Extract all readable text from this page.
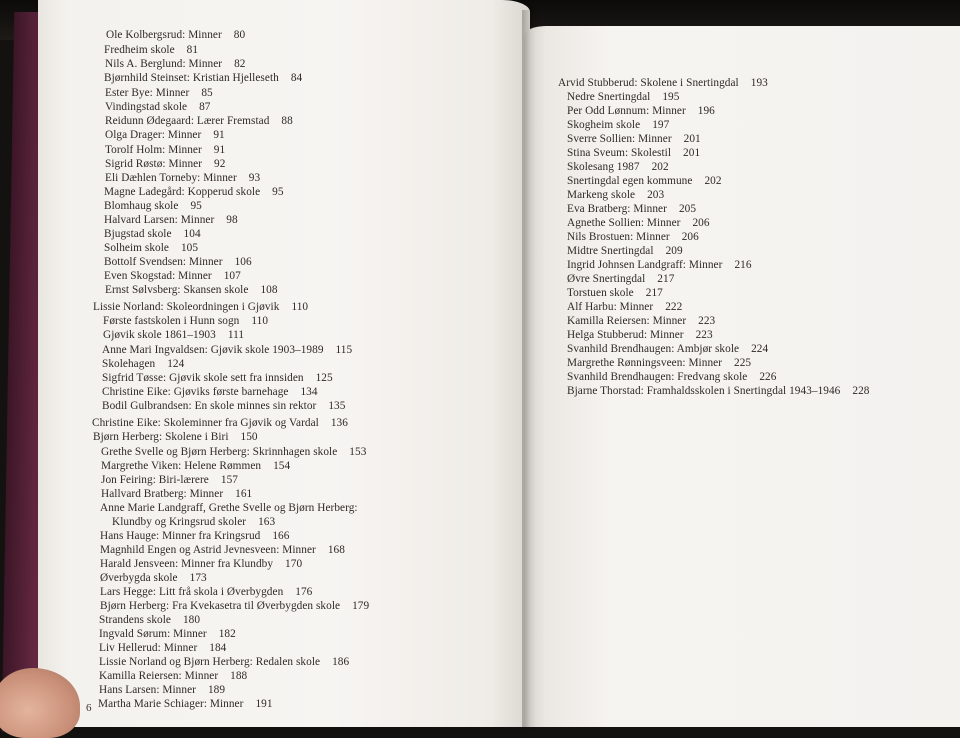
Ole Kolbergsrud: Minner 80
Fredheim skole 81
Nils A. Berglund: Minner 82
Bjørnhild Steinset: Kristian Hjelleseth 84
Ester Bye: Minner 85
Vindingstad skole 87
Reidunn Ødegaard: Lærer Fremstad 88
Olga Drager: Minner 91
Torolf Holm: Minner 91
Sigrid Røstø: Minner 92
Eli Dæhlen Torneby: Minner 93
Magne Ladegård: Kopperud skole 95
Blomhaug skole 95
Halvard Larsen: Minner 98
Bjugstad skole 104
Solheim skole 105
Bottolf Svendsen: Minner 106
Even Skogstad: Minner 107
Ernst Sølvsberg: Skansen skole 108
Lissie Norland: Skoleordningen i Gjøvik 110
Første fastskolen i Hunn sogn 110
Gjøvik skole 1861–1903 111
Anne Mari Ingvaldsen: Gjøvik skole 1903–1989 115
Skolehagen 124
Sigfrid Tøsse: Gjøvik skole sett fra innsiden 125
Christine Eike: Gjøviks første barnehage 134
Bodil Gulbrandsen: En skole minnes sin rektor 135
Christine Eike: Skoleminner fra Gjøvik og Vardal 136
Bjørn Herberg: Skolene i Biri 150
Grethe Svelle og Bjørn Herberg: Skrinnhagen skole 153
Margrethe Viken: Helene Rømmen 154
Jon Feiring: Biri-lærere 157
Hallvard Bratberg: Minner 161
Anne Marie Landgraff, Grethe Svelle og Bjørn Herberg:
Klundby og Kringsrud skoler 163
Hans Hauge: Minner fra Kringsrud 166
Magnhild Engen og Astrid Jevnesveen: Minner 168
Harald Jensveen: Minner fra Klundby 170
Øverbygda skole 173
Lars Hegge: Litt frå skola i Øverbygden 176
Bjørn Herberg: Fra Kvekasetra til Øverbygden skole 179
Strandens skole 180
Ingvald Sørum: Minner 182
Liv Hellerud: Minner 184
Lissie Norland og Bjørn Herberg: Redalen skole 186
Kamilla Reiersen: Minner 188
Hans Larsen: Minner 189
Martha Marie Schiager: Minner 191
Arvid Stubberud: Skolene i Snertingdal 193
Nedre Snertingdal 195
Per Odd Lønnum: Minner 196
Skogheim skole 197
Sverre Sollien: Minner 201
Stina Sveum: Skolestil 201
Skolesang 1987 202
Snertingdal egen kommune 202
Markeng skole 203
Eva Bratberg: Minner 205
Agnethe Sollien: Minner 206
Nils Brostuen: Minner 206
Midtre Snertingdal 209
Ingrid Johnsen Landgraff: Minner 216
Øvre Snertingdal 217
Torstuen skole 217
Alf Harbu: Minner 222
Kamilla Reiersen: Minner 223
Helga Stubberud: Minner 223
Svanhild Brendhaugen: Ambjør skole 224
Margrethe Rønningsveen: Minner 225
Svanhild Brendhaugen: Fredvang skole 226
Bjarne Thorstad: Framhaldsskolen i Snertingdal 1943–1946 228
6
